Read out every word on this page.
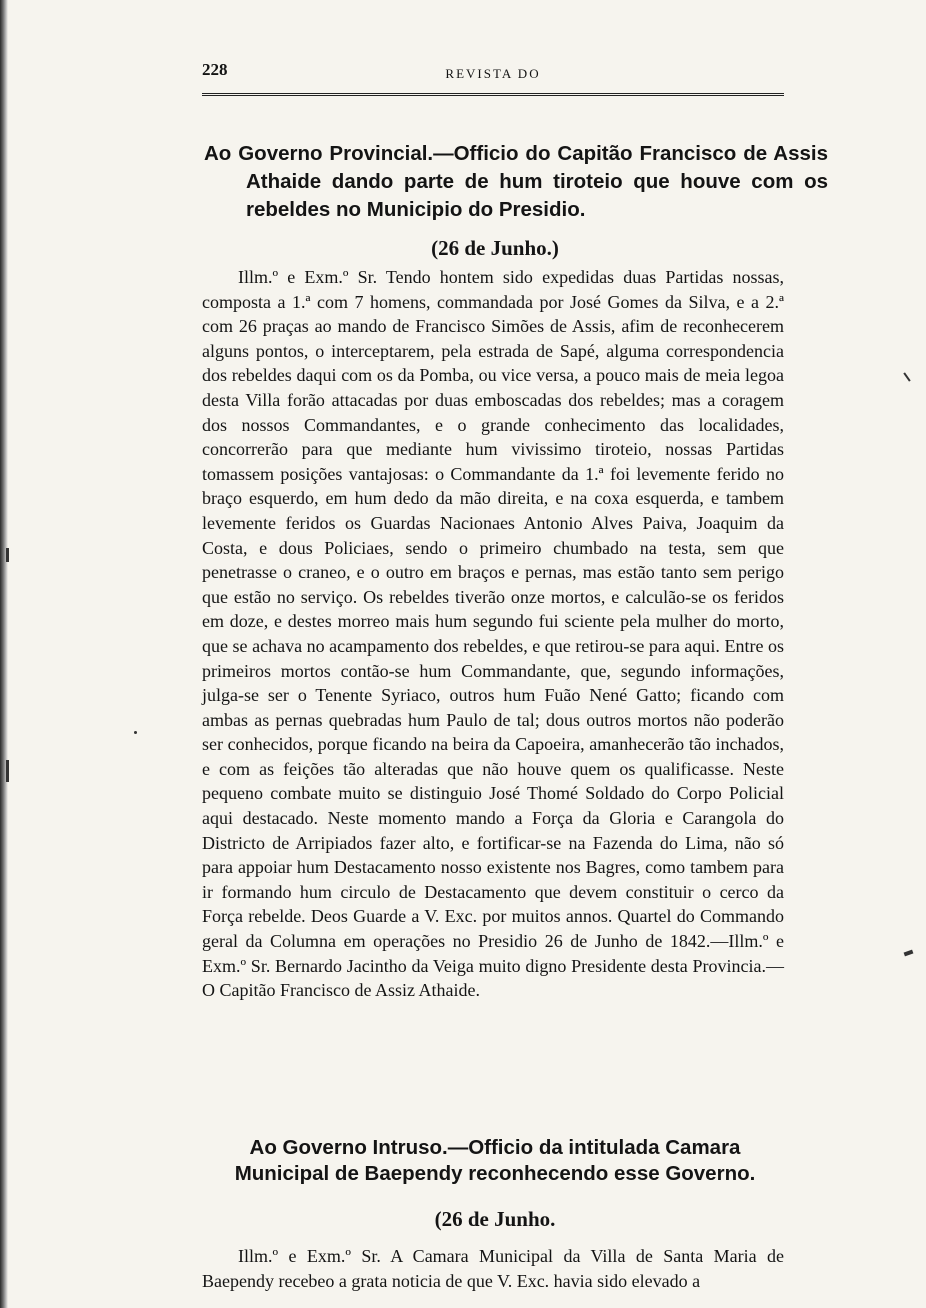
228	REVISTA DO
Ao Governo Provincial.—Officio do Capitão Francisco de Assis Athaide dando parte de hum tiroteio que houve com os rebeldes no Municipio do Presidio.
(26 de Junho.)

Illm.º e Exm.º Sr. Tendo hontem sido expedidas duas Partidas nossas, composta a 1.ª com 7 homens, commandada por José Gomes da Silva, e a 2.ª com 26 praças ao mando de Francisco Simões de Assis, afim de reconhecerem alguns pontos, o interceptarem, pela estrada de Sapé, alguma correspondencia dos rebeldes daqui com os da Pomba, ou vice versa, a pouco mais de meia legoa desta Villa forão attacadas por duas emboscadas dos rebeldes; mas a coragem dos nossos Commandantes, e o grande conhecimento das localidades, concorrerão para que mediante hum vivissimo tiroteio, nossas Partidas tomassem posições vantajosas: o Commandante da 1.ª foi levemente ferido no braço esquerdo, em hum dedo da mão direita, e na coxa esquerda, e tambem levemente feridos os Guardas Nacionaes Antonio Alves Paiva, Joaquim da Costa, e dous Policiaes, sendo o primeiro chumbado na testa, sem que penetrasse o craneo, e o outro em braços e pernas, mas estão tanto sem perigo que estão no serviço. Os rebeldes tiverão onze mortos, e calculão-se os feridos em doze, e destes morreo mais hum segundo fui sciente pela mulher do morto, que se achava no acampamento dos rebeldes, e que retirou-se para aqui. Entre os primeiros mortos contão-se hum Commandante, que, segundo informações, julga-se ser o Tenente Syriaco, outros hum Fuão Nené Gatto; ficando com ambas as pernas quebradas hum Paulo de tal; dous outros mortos não poderão ser conhecidos, porque ficando na beira da Capoeira, amanhecerão tão inchados, e com as feições tão alteradas que não houve quem os qualificasse. Neste pequeno combate muito se distinguio José Thomé Soldado do Corpo Policial aqui destacado. Neste momento mando a Força da Gloria e Carangola do Districto de Arripiados fazer alto, e fortificar-se na Fazenda do Lima, não só para appoiar hum Destacamento nosso existente nos Bagres, como tambem para ir formando hum circulo de Destacamento que devem constituir o cerco da Força rebelde. Deos Guarde a V. Exc. por muitos annos. Quartel do Commando geral da Columna em operações no Presidio 26 de Junho de 1842.—Illm.º e Exm.º Sr. Bernardo Jacintho da Veiga muito digno Presidente desta Provincia.—O Capitão Francisco de Assiz Athaide.

Ao Governo Intruso.—Officio da intitulada Camara Municipal de Baependy reconhecendo esse Governo.
(26 de Junho.

Illm.º e Exm.º Sr. A Camara Municipal da Villa de Santa Maria de Baependy recebeo a grata noticia de que V. Exc. havia sido elevado a
